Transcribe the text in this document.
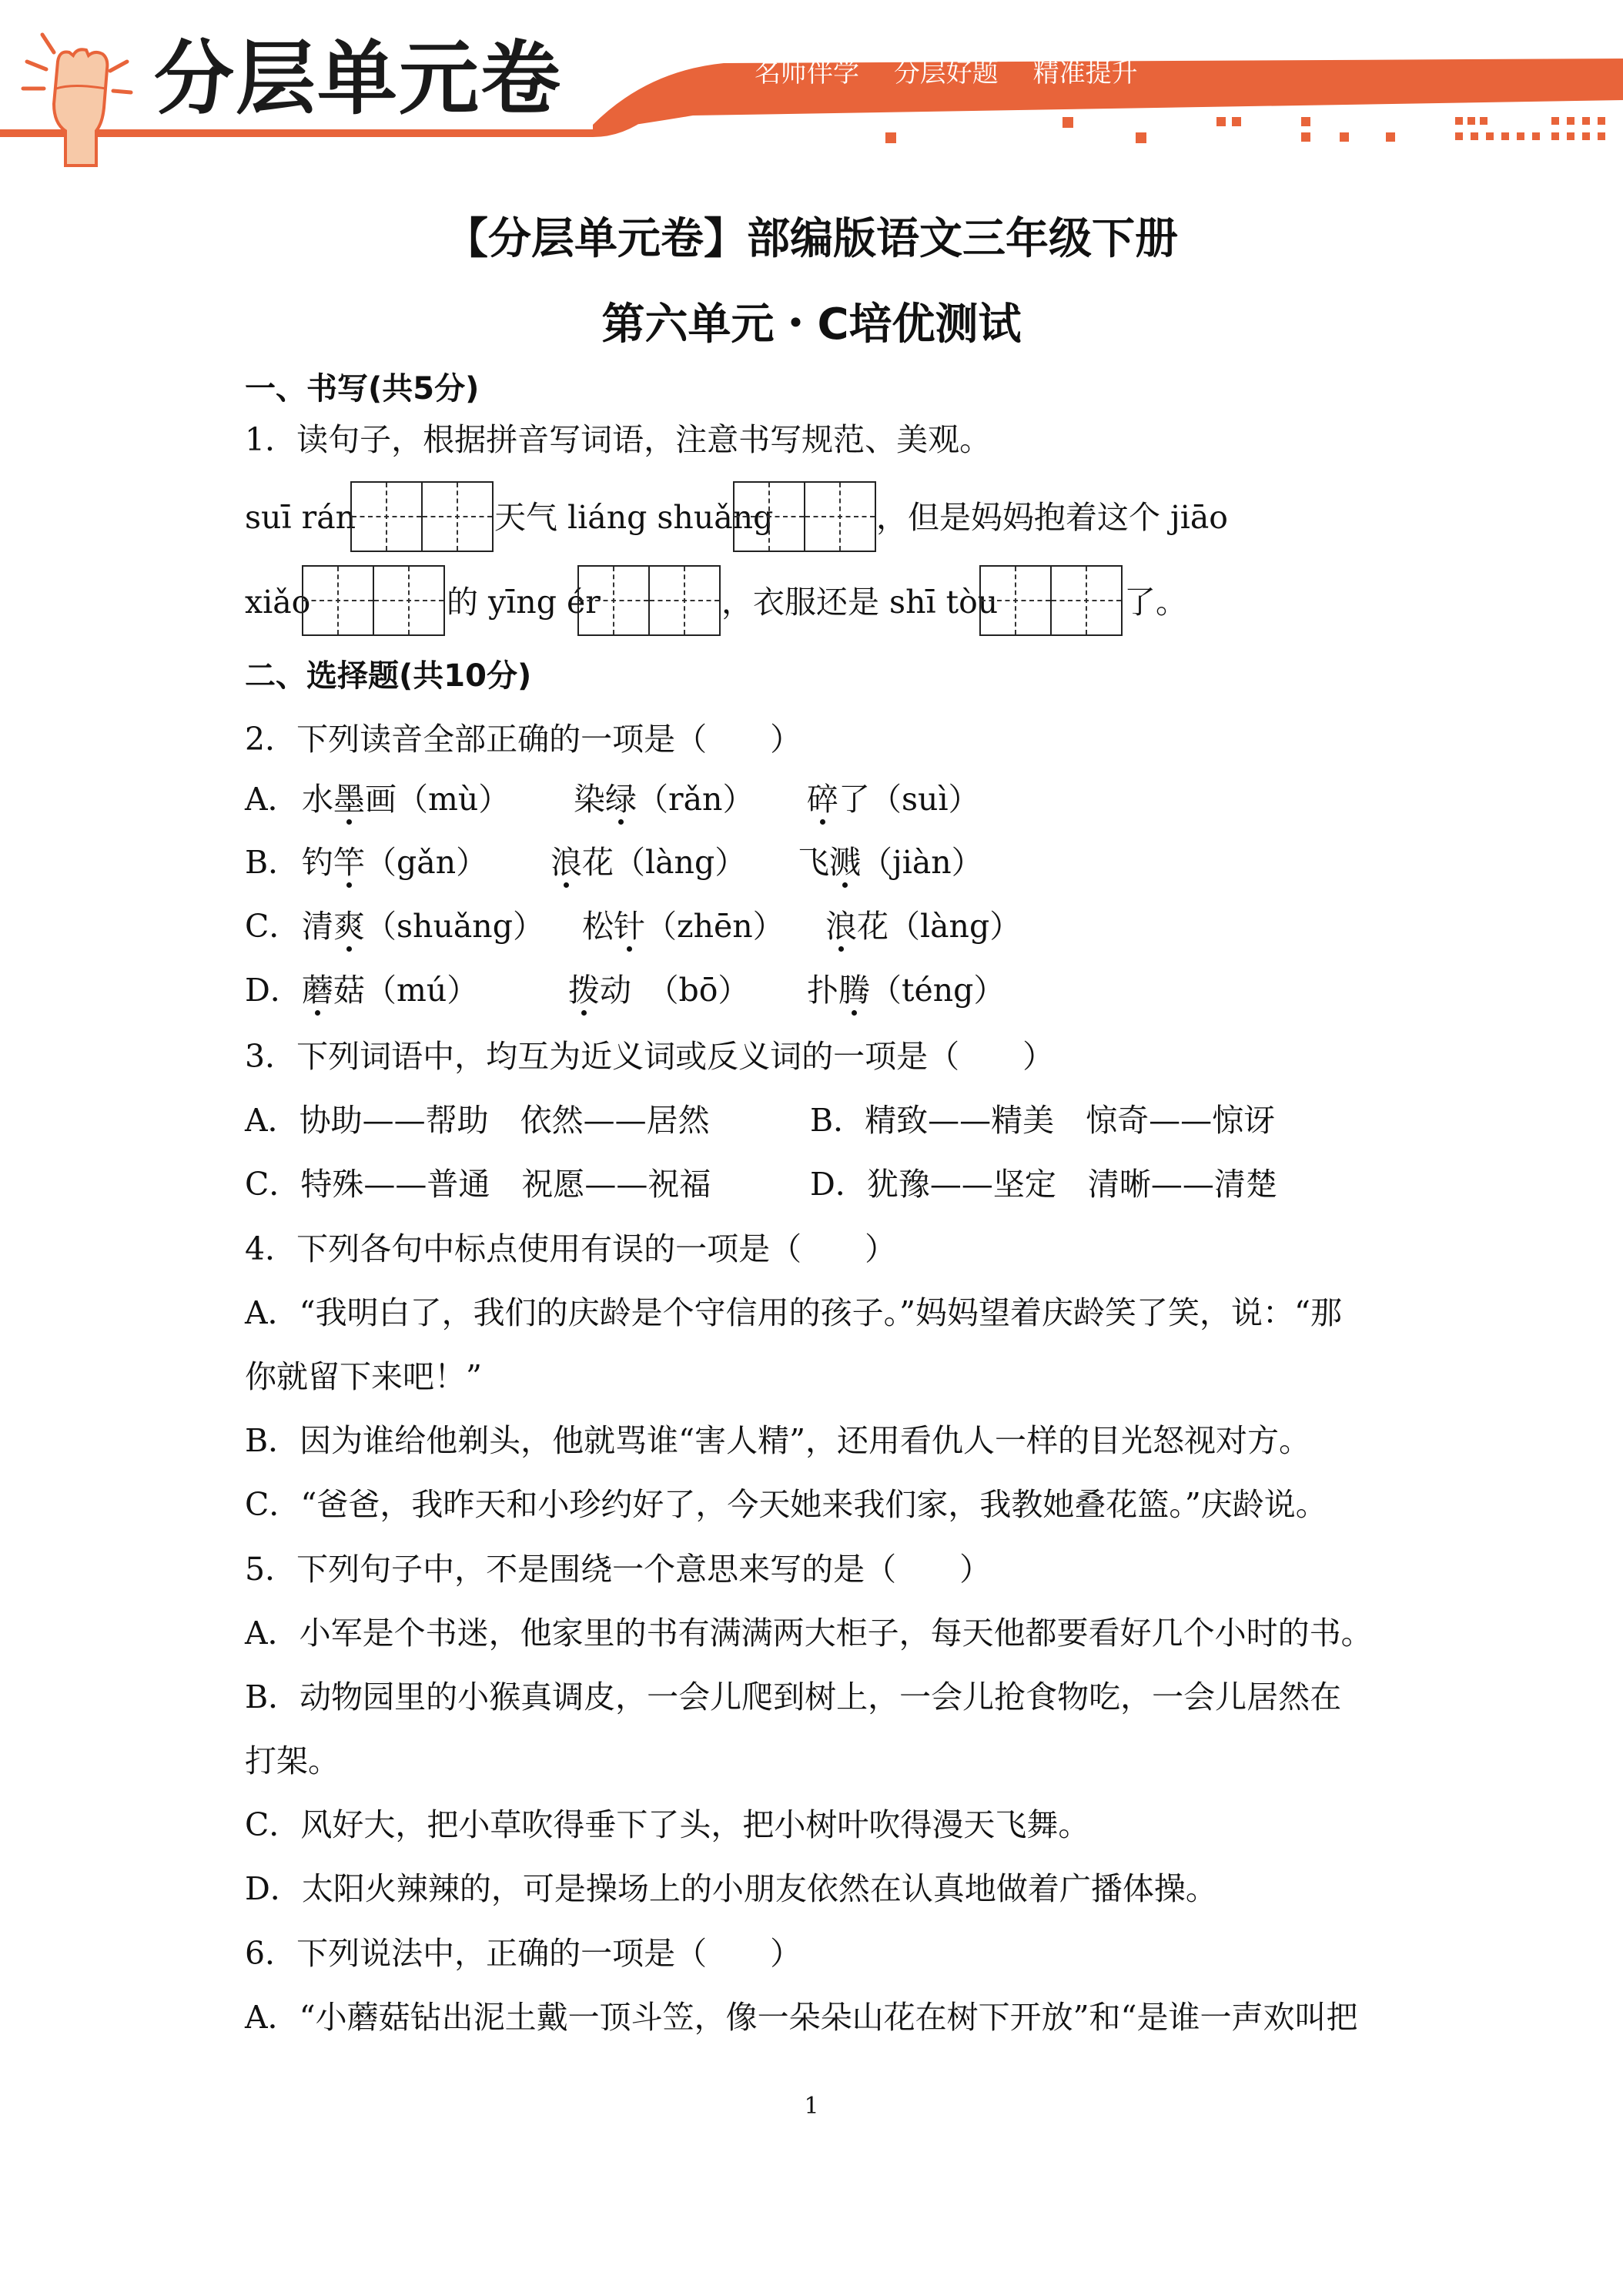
分层单元卷	名师伴学 分层好题 精准提升
【分层单元卷】部编版语文三年级下册
第六单元・C培优测试
一、书写(共5分)
1．读句子，根据拼音写词语，注意书写规范、美观。
suī rán	天气 liáng shuǎng	，但是妈妈抱着这个 jiāo
xiǎo	的 yīng ér	，衣服还是 shī tòu	了。
二、选择题(共10分)
2．下列读音全部正确的一项是（　　）
A． 水墨画（mù） 染绿（rǎn） 碎了（suì）
B． 钓竿（gǎn） 浪花（làng） 飞溅（jiàn）
C． 清爽（shuǎng） 松针（zhēn） 浪花（làng）
D． 蘑菇（mú）	拨动　（bō） 扑腾（téng）
3．下列词语中，均互为近义词或反义词的一项是（　　）
A．协助——帮助　依然——居然	B．精致——精美　惊奇——惊讶
C．特殊——普通　祝愿——祝福	D．犹豫——坚定　清晰——清楚
4．下列各句中标点使用有误的一项是（　　）
A．“我明白了，我们的庆龄是个守信用的孩子。”妈妈望着庆龄笑了笑，说：“那
你就留下来吧！”
B．因为谁给他剃头，他就骂谁“害人精”，还用看仇人一样的目光怒视对方。
C．“爸爸，我昨天和小珍约好了，今天她来我们家，我教她叠花篮。”庆龄说。
5．下列句子中，不是围绕一个意思来写的是（　　）
A．小军是个书迷，他家里的书有满满两大柜子，每天他都要看好几个小时的书。
B．动物园里的小猴真调皮，一会儿爬到树上，一会儿抢食物吃，一会儿居然在
打架。
C．风好大，把小草吹得垂下了头，把小树叶吹得漫天飞舞。
D．太阳火辣辣的，可是操场上的小朋友依然在认真地做着广播体操。
6．下列说法中，正确的一项是（　　）
A．“小蘑菇钻出泥土戴一顶斗笠，像一朵朵山花在树下开放”和“是谁一声欢叫把
1
